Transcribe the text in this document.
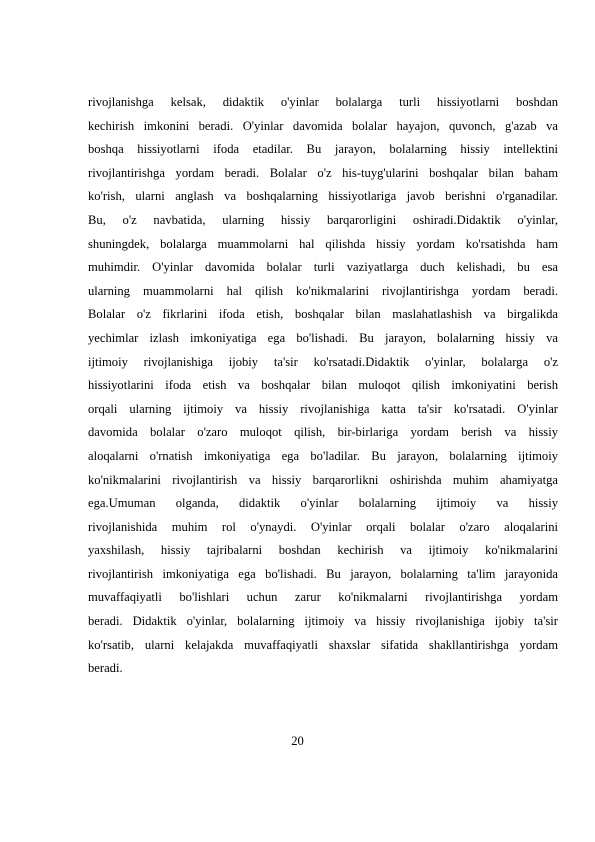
rivojlanishga kelsak, didaktik o'yinlar bolalarga turli hissiyotlarni boshdan
kechirish imkonini beradi. O'yinlar davomida bolalar hayajon, quvonch, g'azab va
boshqa hissiyotlarni ifoda etadilar. Bu jarayon, bolalarning hissiy intellektini
rivojlantirishga yordam beradi. Bolalar o'z his-tuyg'ularini boshqalar bilan baham
ko'rish, ularni anglash va boshqalarning hissiyotlariga javob berishni o'rganadilar.
Bu, o'z navbatida, ularning hissiy barqarorligini oshiradi.Didaktik o'yinlar,
shuningdek, bolalarga muammolarni hal qilishda hissiy yordam ko'rsatishda ham
muhimdir. O'yinlar davomida bolalar turli vaziyatlarga duch kelishadi, bu esa
ularning muammolarni hal qilish ko'nikmalarini rivojlantirishga yordam beradi.
Bolalar o'z fikrlarini ifoda etish, boshqalar bilan maslahatlashish va birgalikda
yechimlar izlash imkoniyatiga ega bo'lishadi. Bu jarayon, bolalarning hissiy va
ijtimoiy rivojlanishiga ijobiy ta'sir ko'rsatadi.Didaktik o'yinlar, bolalarga o'z
hissiyotlarini ifoda etish va boshqalar bilan muloqot qilish imkoniyatini berish
orqali ularning ijtimoiy va hissiy rivojlanishiga katta ta'sir ko'rsatadi. O'yinlar
davomida bolalar o'zaro muloqot qilish, bir-birlariga yordam berish va hissiy
aloqalarni o'rnatish imkoniyatiga ega bo'ladilar. Bu jarayon, bolalarning ijtimoiy
ko'nikmalarini rivojlantirish va hissiy barqarorlikni oshirishda muhim ahamiyatga
ega.Umuman olganda, didaktik o'yinlar bolalarning ijtimoiy va hissiy
rivojlanishida muhim rol o'ynaydi. O'yinlar orqali bolalar o'zaro aloqalarini
yaxshilash, hissiy tajribalarni boshdan kechirish va ijtimoiy ko'nikmalarini
rivojlantirish imkoniyatiga ega bo'lishadi. Bu jarayon, bolalarning ta'lim jarayonida
muvaffaqiyatli bo'lishlari uchun zarur ko'nikmalarni rivojlantirishga yordam
beradi. Didaktik o'yinlar, bolalarning ijtimoiy va hissiy rivojlanishiga ijobiy ta'sir
ko'rsatib, ularni kelajakda muvaffaqiyatli shaxslar sifatida shakllantirishga yordam
beradi.
20
